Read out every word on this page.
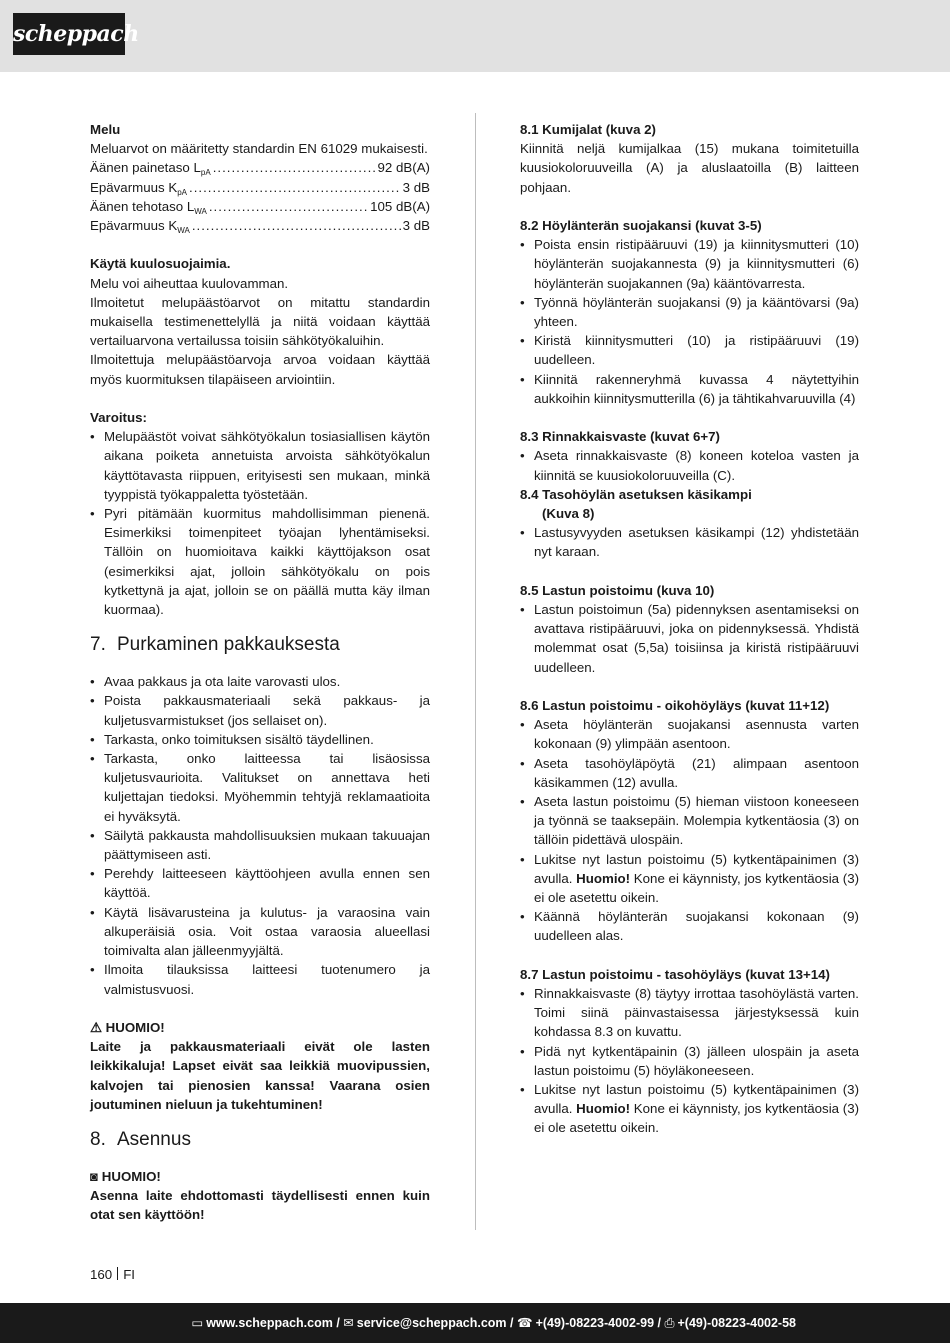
scheppach
Melu

Meluarvot on määritetty standardin EN 61029 mukaisesti.

Äänen painetaso $L_{pA}$ .....	92 dB(A)
Epävarmuus $K_{pA}$ .....	3 dB
Äänen tehotaso $L_{WA}$ .....	105 dB(A)
Epävarmuus $K_{WA}$ .....	3 dB
Käytä kuulosuojaimia.

Melu voi aiheuttaa kuulovamman.

Ilmoitetut melupäästöarvot on mitattu standardin mukaisella testimenettelyllä ja niitä voidaan käyttää vertailuarvona vertailussa toisiin sähkötyökaluihin.

Ilmoitettuja melupäästöarvoja arvoa voidaan käyttää myös kuormituksen tilapäiseen arviointiin.

Varoitus:
• Melupäästöt voivat sähkötyökalun tosiasiallisen käytön aikana poiketa annetuista arvoista sähkötyökalun käyttötavasta riippuen, erityisesti sen mukaan, minkä tyyppistä työkappaletta työstetään.
• Pyri pitämään kuormitus mahdollisimman pienenä. Esimerkiksi toimenpiteet työajan lyhentämiseksi. Tällöin on huomioitava kaikki käyttöjakson osat (esimerkiksi ajat, jolloin sähkötyökalu on pois kytkettynä ja ajat, jolloin se on päällä mutta käy ilman kuormaa).
7. Purkaminen pakkauksesta
• Avaa pakkaus ja ota laite varovasti ulos.
• Poista pakkausmateriaali sekä pakkaus- ja kuljetusvarmistukset (jos sellaiset on).
• Tarkasta, onko toimituksen sisältö täydellinen.
• Tarkasta, onko laitteessa tai lisäosissa kuljetusvaurioita. Valitukset on annettava heti kuljettajan tiedoksi. Myöhemmin tehtyjä reklamaatioita ei hyväksytä.
• Säilytä pakkausta mahdollisuuksien mukaan takuuajan päättymiseen asti.
• Perehdy laitteeseen käyttöohjeen avulla ennen sen käyttöä.
• Käytä lisävarusteina ja kulutus- ja varaosina vain alkuperäisiä osia. Voit ostaa varaosia alueellasi toimivalta alan jälleenmyyjältä.
• Ilmoita tilauksissa laitteesi tuotenumero ja valmistusvuosi.
⚠ HUOMIO!

Laite ja pakkausmateriaali eivät ole lasten leikkikaluja! Lapset eivät saa leikkiä muovipussien, kalvojen tai pienosien kanssa! Vaarana osien joutuminen nieluun ja tukehtuminen!

8. Asennus
◙ HUOMIO!

Asenna laite ehdottomasti täydellisesti ennen kuin otat sen käyttöön!

8.1 Kumijalat (kuva 2)

Kiinnitä neljä kumijalkaa (15) mukana toimitetuilla kuusiokoloruuveilla (A) ja aluslaatoilla (B) laitteen pohjaan.

8.2 Höylänterän suojakansi (kuvat 3-5)
• Poista ensin ristipääruuvi (19) ja kiinnitysmutteri (10) höylänterän suojakannesta (9) ja kiinnitysmutteri (6) höylänterän suojakannen (9a) kääntövarresta.
• Työnnä höylänterän suojakansi (9) ja kääntövarsi (9a) yhteen.
• Kiristä kiinnitysmutteri (10) ja ristipääruuvi (19) uudelleen.
• Kiinnitä rakenneryhmä kuvassa 4 näytettyihin aukkoihin kiinnitysmutterilla (6) ja tähtikahvaruuvilla (4)
8.3 Rinnakkaisvaste (kuvat 6+7)
• Aseta rinnakkaisvaste (8) koneen koteloa vasten ja kiinnitä se kuusiokoloruuveilla (C).
8.4 Tasohöylän asetuksen käsikampi
(Kuva 8)
• Lastusyvyyden asetuksen käsikampi (12) yhdistetään nyt karaan.
8.5 Lastun poistoimu (kuva 10)
• Lastun poistoimun (5a) pidennyksen asentamiseksi on avattava ristipääruuvi, joka on pidennyksessä. Yhdistä molemmat osat (5,5a) toisiinsa ja kiristä ristipääruuvi uudelleen.
8.6 Lastun poistoimu - oikohöyläys (kuvat 11+12)
• Aseta höylänterän suojakansi asennusta varten kokonaan (9) ylimpään asentoon.
• Aseta tasohöyläpöytä (21) alimpaan asentoon käsikammen (12) avulla.
• Aseta lastun poistoimu (5) hieman viistoon koneeseen ja työnnä se taaksepäin. Molempia kytkentäosia (3) on tällöin pidettävä ulospäin.
• Lukitse nyt lastun poistoimu (5) kytkentäpainimen (3) avulla. Huomio! Kone ei käynnisty, jos kytkentäosia (3) ei ole asetettu oikein.
• Käännä höylänterän suojakansi kokonaan (9) uudelleen alas.
8.7 Lastun poistoimu - tasohöyläys (kuvat 13+14)
• Rinnakkaisvaste (8) täytyy irrottaa tasohöylästä varten. Toimi siinä päinvastaisessa järjestyksessä kuin kohdassa 8.3 on kuvattu.
• Pidä nyt kytkentäpainin (3) jälleen ulospäin ja aseta lastun poistoimu (5) höyläkoneeseen.
• Lukitse nyt lastun poistoimu (5) kytkentäpainimen (3) avulla. Huomio! Kone ei käynnisty, jos kytkentäosia (3) ei ole asetettu oikein.
160 FI
▭ www.scheppach.com / ✉ service@scheppach.com / ☎ +(49)-08223-4002-99 / ⎙ +(49)-08223-4002-58
